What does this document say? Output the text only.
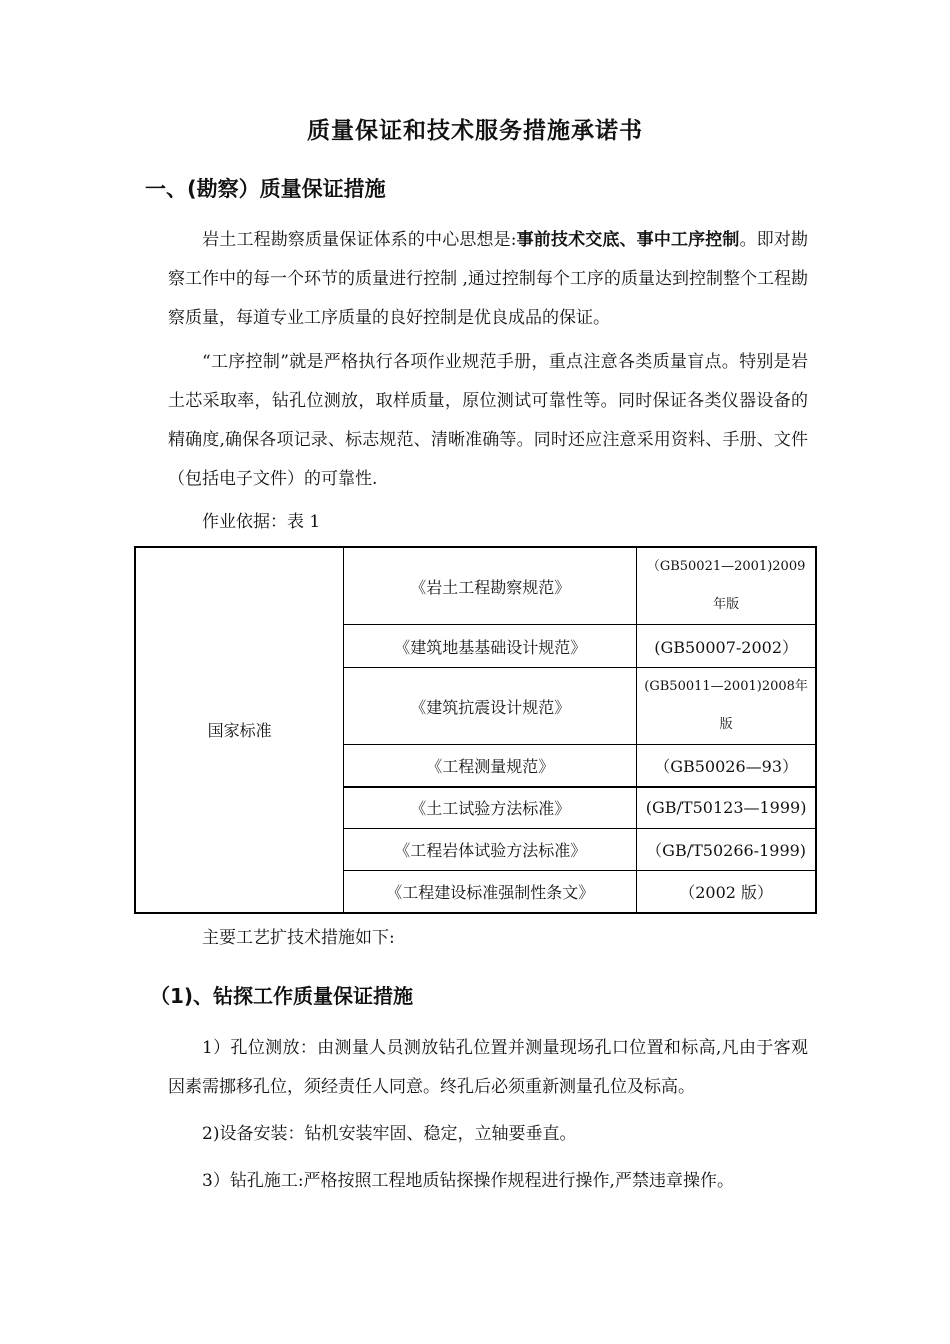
质量保证和技术服务措施承诺书
一、(勘察）质量保证措施
岩土工程勘察质量保证体系的中心思想是:事前技术交底、事中工序控制。即对勘察工作中的每一个环节的质量进行控制 ,通过控制每个工序的质量达到控制整个工程勘察质量，每道专业工序质量的良好控制是优良成品的保证。
“工序控制”就是严格执行各项作业规范手册，重点注意各类质量盲点。特别是岩土芯采取率，钻孔位测放，取样质量，原位测试可靠性等。同时保证各类仪器设备的精确度,确保各项记录、标志规范、清晰准确等。同时还应注意采用资料、手册、文件（包括电子文件）的可靠性.
作业依据：表 1
国家标准	《岩土工程勘察规范》	（GB50021—2001)2009年版
	《建筑地基基础设计规范》	(GB50007-2002）
	《建筑抗震设计规范》	(GB50011—2001)2008年版
	《工程测量规范》	（GB50026—93）
	《土工试验方法标准》	(GB/T50123—1999)
	《工程岩体试验方法标准》	（GB/T50266-1999)
	《工程建设标准强制性条文》	（2002 版）
主要工艺扩技术措施如下:
（1)、钻探工作质量保证措施
1）孔位测放：由测量人员测放钻孔位置并测量现场孔口位置和标高,凡由于客观因素需挪移孔位，须经责任人同意。终孔后必须重新测量孔位及标高。
2)设备安装：钻机安装牢固、稳定，立轴要垂直。
3）钻孔施工:严格按照工程地质钻探操作规程进行操作,严禁违章操作。
